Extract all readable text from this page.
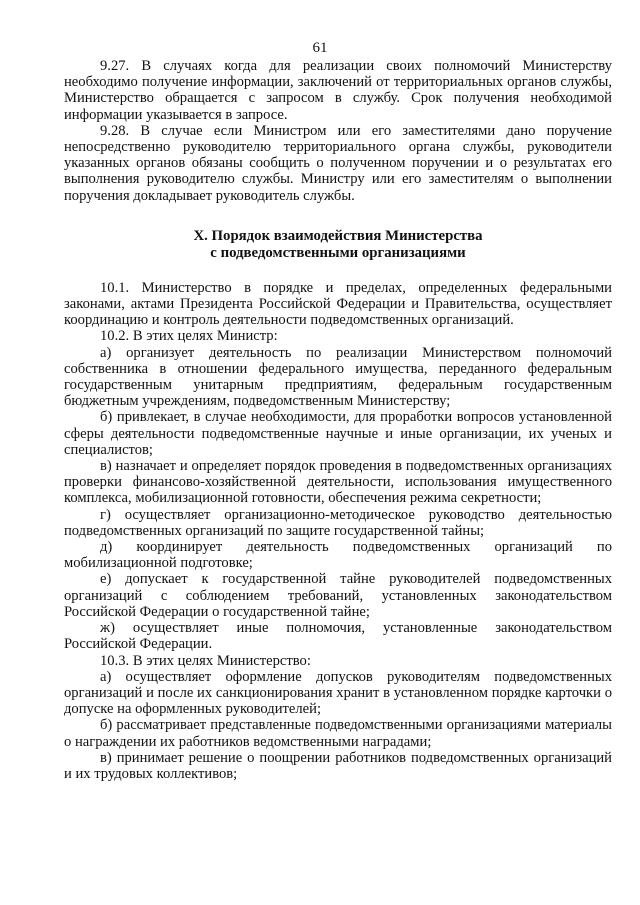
61

9.27. В случаях когда для реализации своих полномочий Министерству необходимо получение информации, заключений от территориальных органов службы, Министерство обращается с запросом в службу. Срок получения необходимой информации указывается в запросе.

9.28. В случае если Министром или его заместителями дано поручение непосредственно руководителю территориального органа службы, руководители указанных органов обязаны сообщить о полученном поручении и о результатах его выполнения руководителю службы. Министру или его заместителям о выполнении поручения докладывает руководитель службы.

X. Порядок взаимодействия Министерства
с подведомственными организациями

10.1. Министерство в порядке и пределах, определенных федеральными законами, актами Президента Российской Федерации и Правительства, осуществляет координацию и контроль деятельности подведомственных организаций.

10.2. В этих целях Министр:

а) организует деятельность по реализации Министерством полномочий собственника в отношении федерального имущества, переданного федеральным государственным унитарным предприятиям, федеральным государственным бюджетным учреждениям, подведомственным Министерству;

б) привлекает, в случае необходимости, для проработки вопросов установленной сферы деятельности подведомственные научные и иные организации, их ученых и специалистов;

в) назначает и определяет порядок проведения в подведомственных организациях проверки финансово-хозяйственной деятельности, использования имущественного комплекса, мобилизационной готовности, обеспечения режима секретности;

г) осуществляет организационно-методическое руководство деятельностью подведомственных организаций по защите государственной тайны;

д) координирует деятельность подведомственных организаций по мобилизационной подготовке;

е) допускает к государственной тайне руководителей подведомственных организаций с соблюдением требований, установленных законодательством Российской Федерации о государственной тайне;

ж) осуществляет иные полномочия, установленные законодательством Российской Федерации.

10.3. В этих целях Министерство:

а) осуществляет оформление допусков руководителям подведомственных организаций и после их санкционирования хранит в установленном порядке карточки о допуске на оформленных руководителей;

б) рассматривает представленные подведомственными организациями материалы о награждении их работников ведомственными наградами;

в) принимает решение о поощрении работников подведомственных организаций и их трудовых коллективов;
